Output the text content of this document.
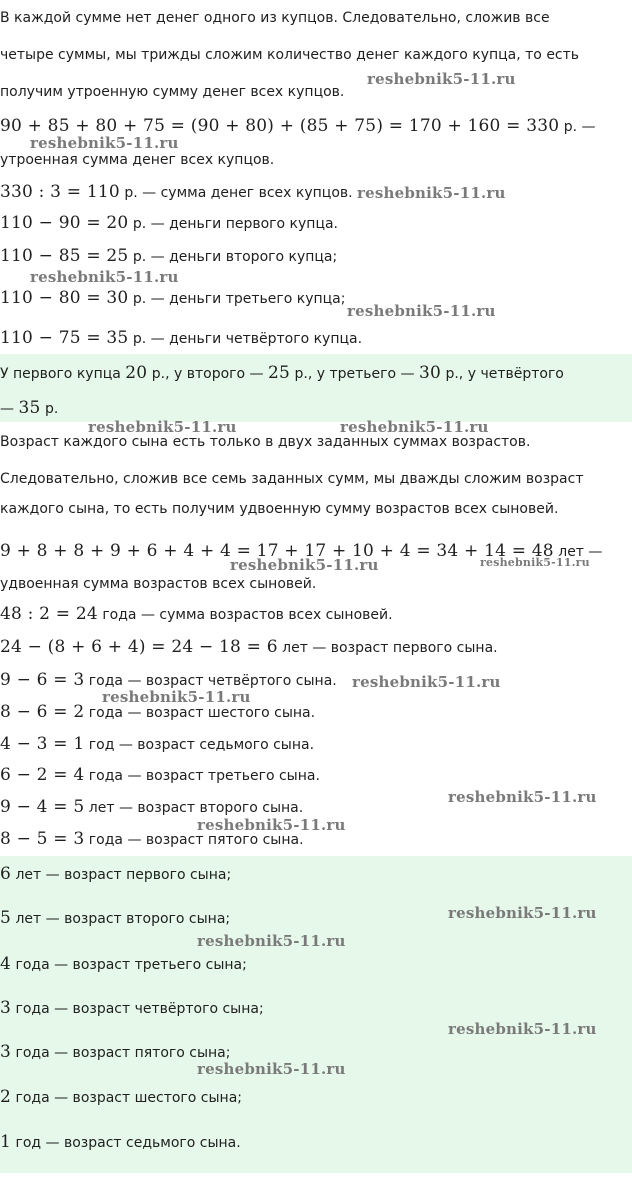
В каждой сумме нет денег одного из купцов. Следовательно, сложив все

четыре суммы, мы трижды сложим количество денег каждого купца, то есть

получим утроенную сумму денег всех купцов.

90 + 85 + 80 + 75 = (90 + 80) + (85 + 75) = 170 + 160 = 330 р. —

утроенная сумма денег всех купцов.

330 : 3 = 110 р. — сумма денег всех купцов.

110 − 90 = 20 р. — деньги первого купца.

110 − 85 = 25 р. — деньги второго купца;

110 − 80 = 30 р. — деньги третьего купца;

110 − 75 = 35 р. — деньги четвёртого купца.

У первого купца 20 р., у второго — 25 р., у третьего — 30 р., у четвёртого

— 35 р.

Возраст каждого сына есть только в двух заданных суммах возрастов.

Следовательно, сложив все семь заданных сумм, мы дважды сложим возраст

каждого сына, то есть получим удвоенную сумму возрастов всех сыновей.

9 + 8 + 8 + 9 + 6 + 4 + 4 = 17 + 17 + 10 + 4 = 34 + 14 = 48 лет —

удвоенная сумма возрастов всех сыновей.

48 : 2 = 24 года — сумма возрастов всех сыновей.

24 − (8 + 6 + 4) = 24 − 18 = 6 лет — возраст первого сына.

9 − 6 = 3 года — возраст четвёртого сына.

8 − 6 = 2 года — возраст шестого сына.

4 − 3 = 1 год — возраст седьмого сына.

6 − 2 = 4 года — возраст третьего сына.

9 − 4 = 5 лет — возраст второго сына.

8 − 5 = 3 года — возраст пятого сына.

6 лет — возраст первого сына;

5 лет — возраст второго сына;

4 года — возраст третьего сына;

3 года — возраст четвёртого сына;

3 года — возраст пятого сына;

2 года — возраст шестого сына;

1 год — возраст седьмого сына.

reshebnik5-11.ru
reshebnik5-11.ru
reshebnik5-11.ru
reshebnik5-11.ru
reshebnik5-11.ru
reshebnik5-11.ru	reshebnik5-11.ru
reshebnik5-11.ru	reshebnik5-11.ru
reshebnik5-11.ru
reshebnik5-11.ru
reshebnik5-11.ru
reshebnik5-11.ru
reshebnik5-11.ru
reshebnik5-11.ru
reshebnik5-11.ru
reshebnik5-11.ru
